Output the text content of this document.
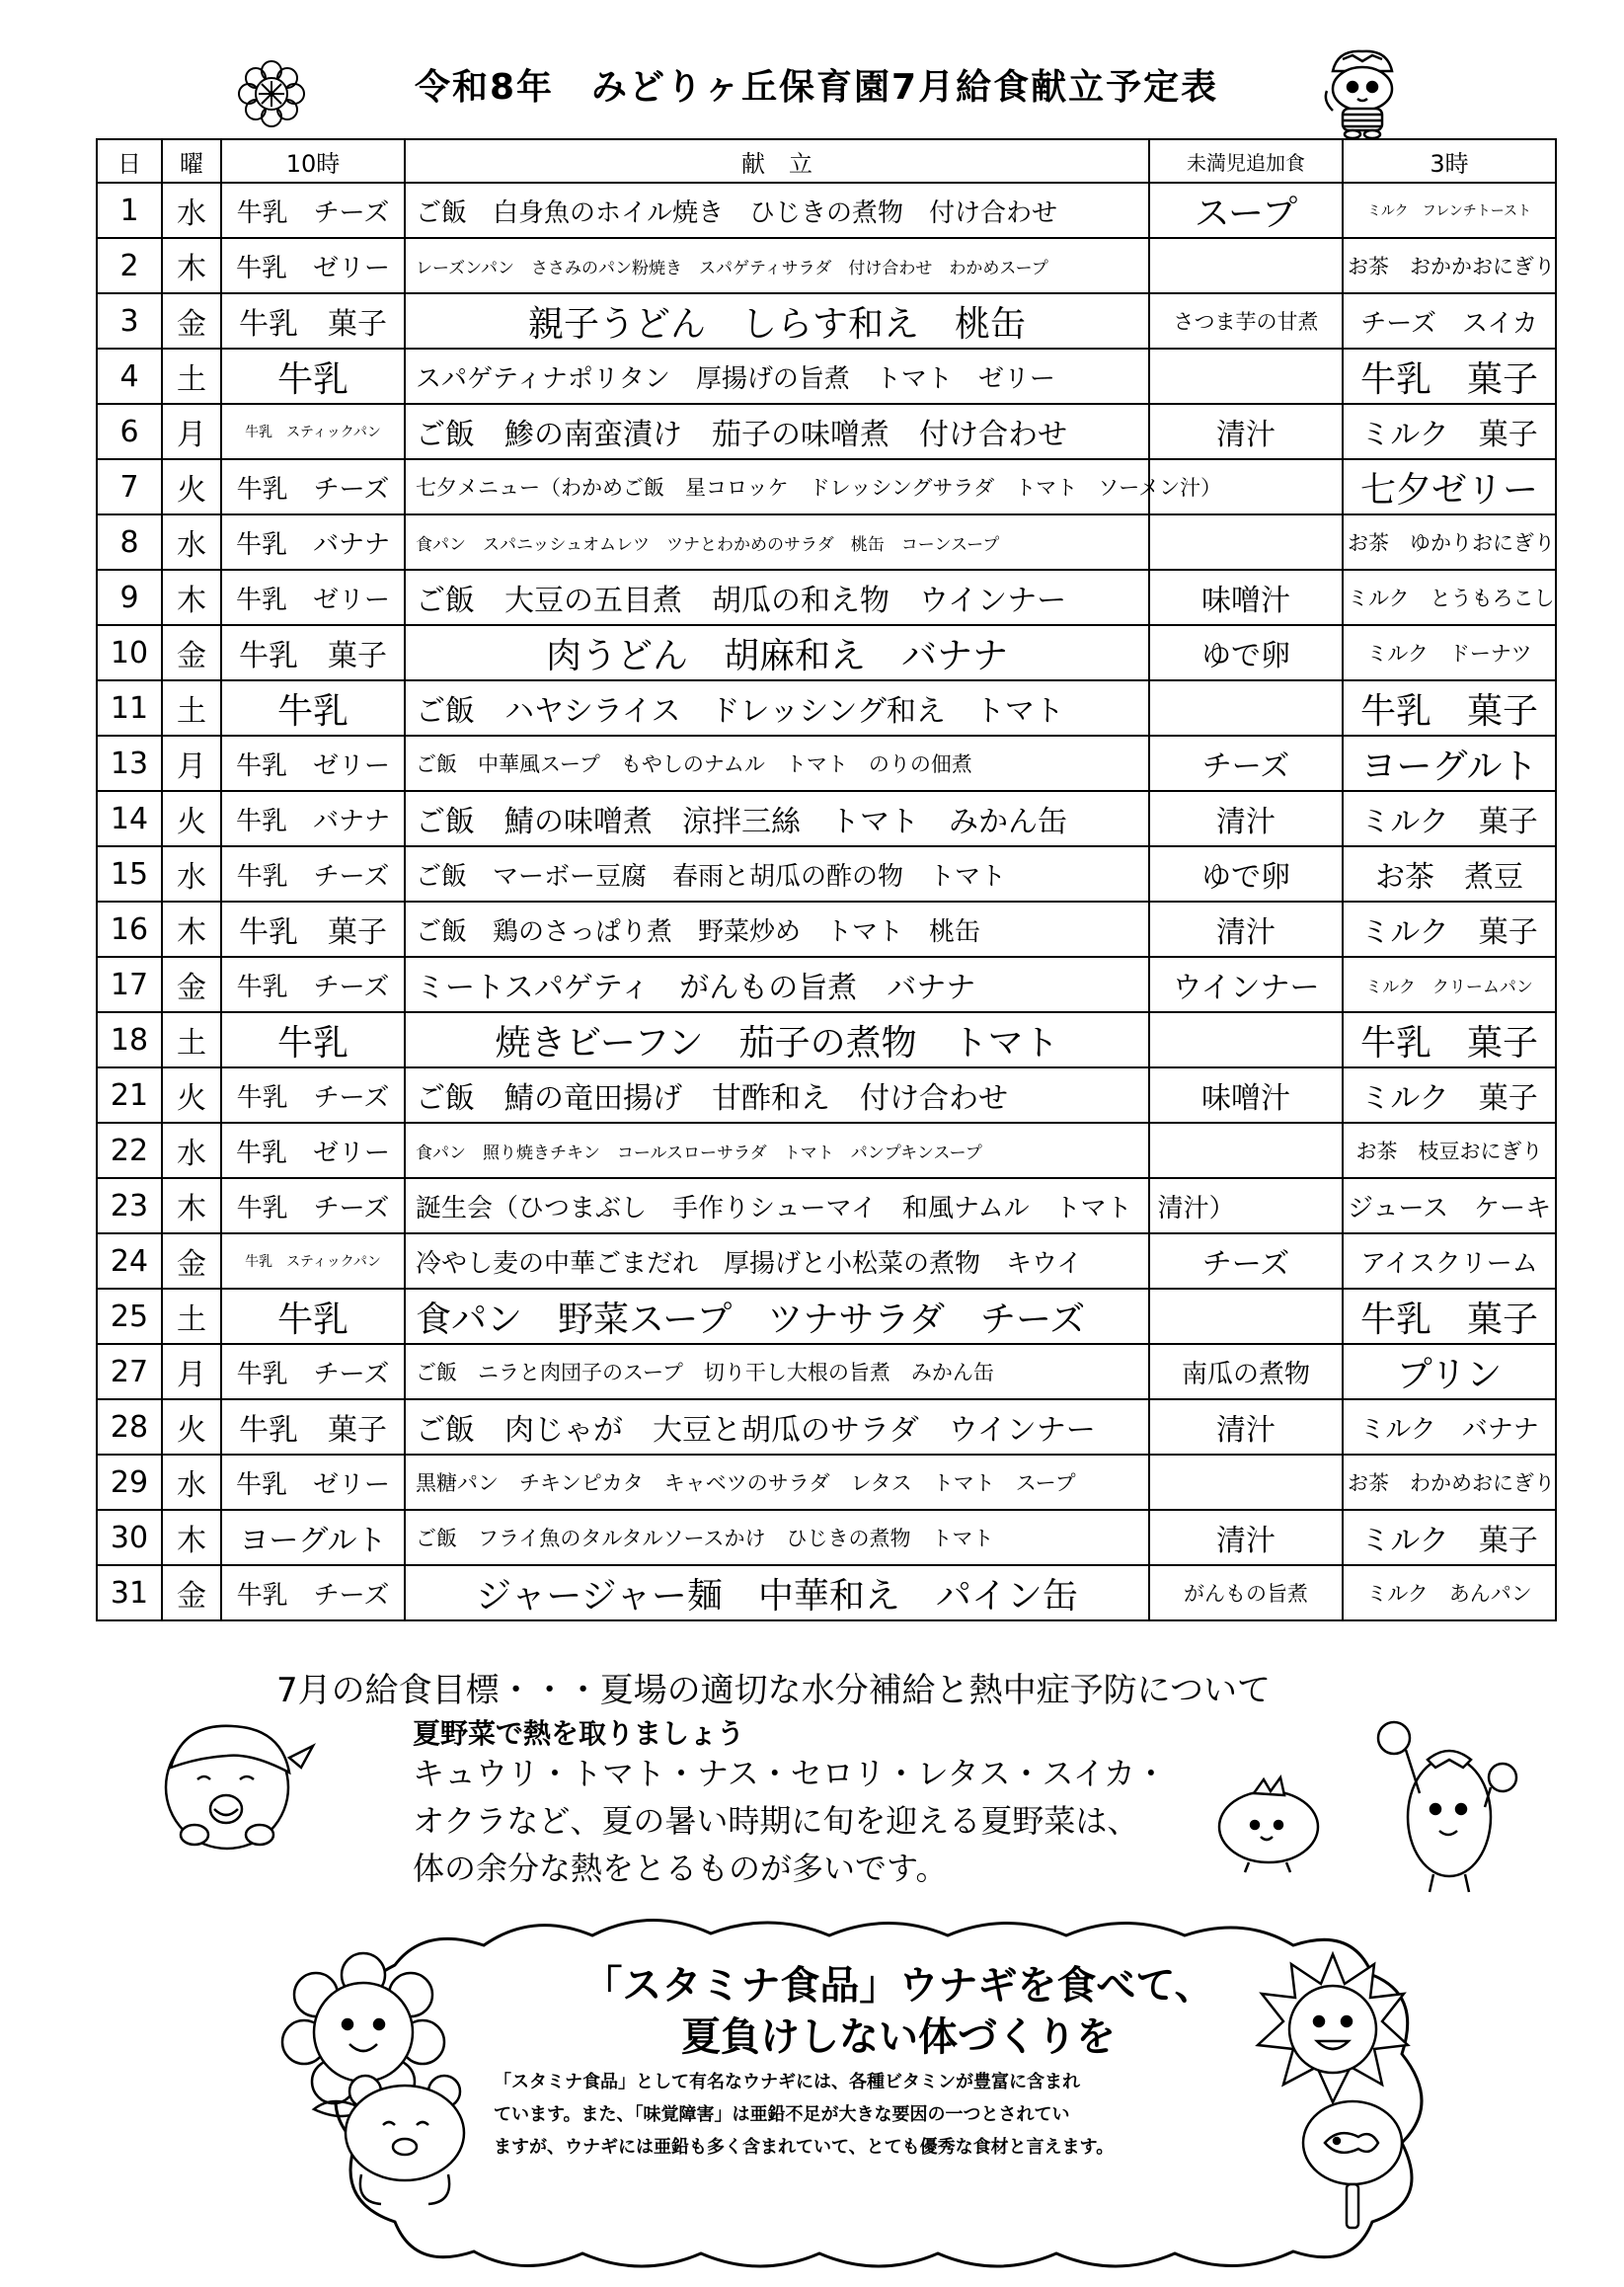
令和8年　みどりヶ丘保育園7月給食献立予定表
日	曜	10時	献　立	未満児追加食	3時
1	水	牛乳　チーズ	ご飯　白身魚のホイル焼き　ひじきの煮物　付け合わせ	スープ	ミルク　フレンチトースト
2	木	牛乳　ゼリー	レーズンパン　ささみのパン粉焼き　スパゲティサラダ　付け合わせ　わかめスープ		お茶　おかかおにぎり
3	金	牛乳　菓子	親子うどん　しらす和え　桃缶	さつま芋の甘煮	チーズ　スイカ
4	土	牛乳	スパゲティナポリタン　厚揚げの旨煮　トマト　ゼリー		牛乳　菓子
6	月	牛乳　スティックパン	ご飯　鯵の南蛮漬け　茄子の味噌煮　付け合わせ	清汁	ミルク　菓子
7	火	牛乳　チーズ	七夕メニュー（わかめご飯　星コロッケ　ドレッシングサラダ　トマト　ソーメン汁）		七夕ゼリー
8	水	牛乳　バナナ	食パン　スパニッシュオムレツ　ツナとわかめのサラダ　桃缶　コーンスープ		お茶　ゆかりおにぎり
9	木	牛乳　ゼリー	ご飯　大豆の五目煮　胡瓜の和え物　ウインナー	味噌汁	ミルク　とうもろこし
10	金	牛乳　菓子	肉うどん　胡麻和え　バナナ	ゆで卵	ミルク　ドーナツ
11	土	牛乳	ご飯　ハヤシライス　ドレッシング和え　トマト		牛乳　菓子
13	月	牛乳　ゼリー	ご飯　中華風スープ　もやしのナムル　トマト　のりの佃煮	チーズ	ヨーグルト
14	火	牛乳　バナナ	ご飯　鯖の味噌煮　涼拌三絲　トマト　みかん缶	清汁	ミルク　菓子
15	水	牛乳　チーズ	ご飯　マーボー豆腐　春雨と胡瓜の酢の物　トマト	ゆで卵	お茶　煮豆
16	木	牛乳　菓子	ご飯　鶏のさっぱり煮　野菜炒め　トマト　桃缶	清汁	ミルク　菓子
17	金	牛乳　チーズ	ミートスパゲティ　がんもの旨煮　バナナ	ウインナー	ミルク　クリームパン
18	土	牛乳	焼きビーフン　茄子の煮物　トマト		牛乳　菓子
21	火	牛乳　チーズ	ご飯　鯖の竜田揚げ　甘酢和え　付け合わせ	味噌汁	ミルク　菓子
22	水	牛乳　ゼリー	食パン　照り焼きチキン　コールスローサラダ　トマト　パンプキンスープ		お茶　枝豆おにぎり
23	木	牛乳　チーズ	誕生会（ひつまぶし　手作りシューマイ　和風ナムル　トマト　清汁）		ジュース　ケーキ
24	金	牛乳　スティックパン	冷やし麦の中華ごまだれ　厚揚げと小松菜の煮物　キウイ	チーズ	アイスクリーム
25	土	牛乳	食パン　野菜スープ　ツナサラダ　チーズ		牛乳　菓子
27	月	牛乳　チーズ	ご飯　ニラと肉団子のスープ　切り干し大根の旨煮　みかん缶	南瓜の煮物	プリン
28	火	牛乳　菓子	ご飯　肉じゃが　大豆と胡瓜のサラダ　ウインナー	清汁	ミルク　バナナ
29	水	牛乳　ゼリー	黒糖パン　チキンピカタ　キャベツのサラダ　レタス　トマト　スープ		お茶　わかめおにぎり
30	木	ヨーグルト	ご飯　フライ魚のタルタルソースかけ　ひじきの煮物　トマト	清汁	ミルク　菓子
31	金	牛乳　チーズ	ジャージャー麺　中華和え　パイン缶	がんもの旨煮	ミルク　あんパン
7月の給食目標・・・夏場の適切な水分補給と熱中症予防について
夏野菜で熱を取りましょう
キュウリ・トマト・ナス・セロリ・レタス・スイカ・
オクラなど、夏の暑い時期に旬を迎える夏野菜は、
体の余分な熱をとるものが多いです。
「スタミナ食品」ウナギを食べて、
夏負けしない体づくりを
「スタミナ食品」として有名なウナギには、各種ビタミンが豊富に含まれ
ています。また、「味覚障害」は亜鉛不足が大きな要因の一つとされてい
ますが、ウナギには亜鉛も多く含まれていて、とても優秀な食材と言えます。
